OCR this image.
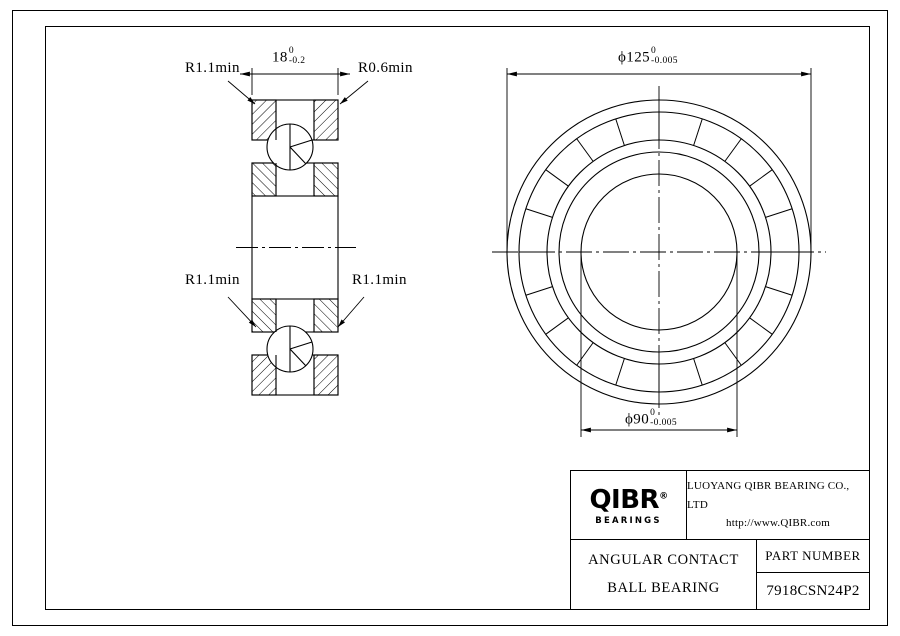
R1.1min
18 0
-0.2	R0.6min
R1.1min	R1.1min
ϕ125 0
-0.005
ϕ90 0
-0.005
QIBR®
BEARINGS
LUOYANG QIBR BEARING CO., LTD
http://www.QIBR.com
ANGULAR CONTACT
BALL BEARING
PART NUMBER
7918CSN24P2
